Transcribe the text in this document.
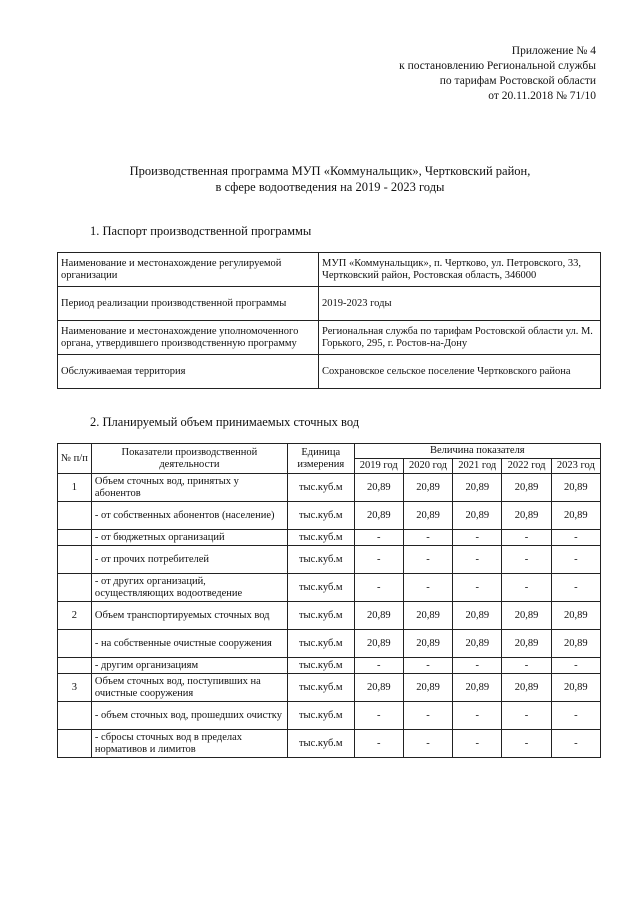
Приложение № 4
к постановлению Региональной службы
по тарифам Ростовской области
от 20.11.2018 № 71/10
Производственная программа МУП «Коммунальщик», Чертковский район,
в сфере водоотведения на 2019 - 2023 годы
1. Паспорт производственной программы
Наименование и местонахождение регулируемой организации	МУП «Коммунальщик», п. Чертково, ул. Петровского, 33, Чертковский район, Ростовская область, 346000
Период реализации производственной программы	2019-2023 годы
Наименование и местонахождение уполномоченного органа, утвердившего производственную программу	Региональная служба по тарифам Ростовской области ул. М. Горького, 295, г. Ростов-на-Дону
Обслуживаемая территория	Сохрановское сельское поселение Чертковского района
2. Планируемый объем принимаемых сточных вод
№ п/п	Показатели производственной деятельности	Единица измерения	Величина показателя				
			2019 год	2020 год	2021 год	2022 год	2023 год
1	Объем сточных вод, принятых у абонентов	тыс.куб.м	20,89	20,89	20,89	20,89	20,89
	- от собственных абонентов (население)	тыс.куб.м	20,89	20,89	20,89	20,89	20,89
	- от бюджетных организаций	тыс.куб.м	-	-	-	-	-
	- от прочих потребителей	тыс.куб.м	-	-	-	-	-
	- от других организаций, осуществляющих водоотведение	тыс.куб.м	-	-	-	-	-
2	Объем транспортируемых сточных вод	тыс.куб.м	20,89	20,89	20,89	20,89	20,89
	- на собственные очистные сооружения	тыс.куб.м	20,89	20,89	20,89	20,89	20,89
	- другим организациям	тыс.куб.м	-	-	-	-	-
3	Объем сточных вод, поступивших на очистные сооружения	тыс.куб.м	20,89	20,89	20,89	20,89	20,89
	- объем сточных вод, прошедших очистку	тыс.куб.м	-	-	-	-	-
	- сбросы сточных вод в пределах нормативов и лимитов	тыс.куб.м	-	-	-	-	-
